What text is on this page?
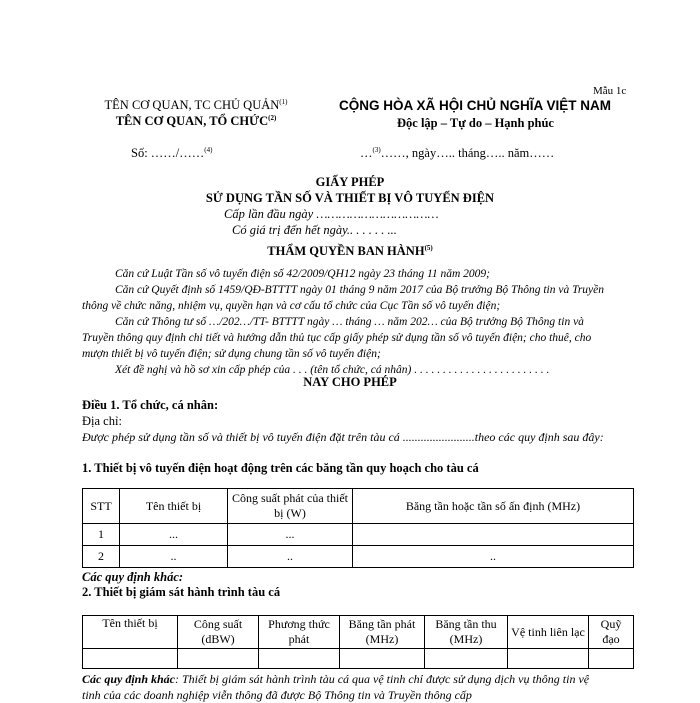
Mẫu 1c
TÊN CƠ QUAN, TC CHỦ QUẢN$^{(1)}$
TÊN CƠ QUAN, TỔ CHỨC$^{(2)}$
CỘNG HÒA XÃ HỘI CHỦ NGHĨA VIỆT NAM
Độc lập – Tự do – Hạnh phúc
Số: ……/……$^{(4)}$	…$^{(3)}$……, ngày….. tháng….. năm……
GIẤY PHÉP
SỬ DỤNG TẦN SỐ VÀ THIẾT BỊ VÔ TUYẾN ĐIỆN
Cấp lần đầu ngày ……………………………
Có giá trị đến hết ngày.. . . . . . ...
THẨM QUYỀN BAN HÀNH$^{(5)}$
Căn cứ Luật Tần số vô tuyến điện số 42/2009/QH12 ngày 23 tháng 11 năm 2009;
Căn cứ Quyết định số 1459/QĐ-BTTTT ngày 01 tháng 9 năm 2017 của Bộ trưởng Bộ Thông tin và Truyền thông về chức năng, nhiệm vụ, quyền hạn và cơ cấu tổ chức của Cục Tần số vô tuyến điện;
Căn cứ Thông tư số …/202…/TT- BTTTT ngày … tháng … năm 202… của Bộ trưởng Bộ Thông tin và Truyền thông quy định chi tiết và hướng dẫn thủ tục cấp giấy phép sử dụng tần số vô tuyến điện; cho thuê, cho mượn thiết bị vô tuyến điện; sử dụng chung tần số vô tuyến điện;
Xét đề nghị và hồ sơ xin cấp phép của . . . (tên tổ chức, cá nhân) . . . . . . . . . . . . . . . . . . . . . . . .
NAY CHO PHÉP
Điều 1. Tổ chức, cá nhân:
Địa chỉ:
Được phép sử dụng tần số và thiết bị vô tuyến điện đặt trên tàu cá ........................theo các quy định sau đây:
1. Thiết bị vô tuyến điện hoạt động trên các băng tần quy hoạch cho tàu cá
STT	Tên thiết bị	Công suất phát của thiết bị (W)	Băng tần hoặc tần số ấn định (MHz)
1	...	...	
2	..	..	..
Các quy định khác:
2. Thiết bị giám sát hành trình tàu cá
Tên thiết bị	Công suất (dBW)	Phương thức phát	Băng tần phát (MHz)	Băng tần thu (MHz)	Vệ tinh liên lạc	Quỹ đạo

Các quy định khác: Thiết bị giám sát hành trình tàu cá qua vệ tinh chỉ được sử dụng dịch vụ thông tin vệ tinh của các doanh nghiệp viễn thông đã được Bộ Thông tin và Truyền thông cấp
